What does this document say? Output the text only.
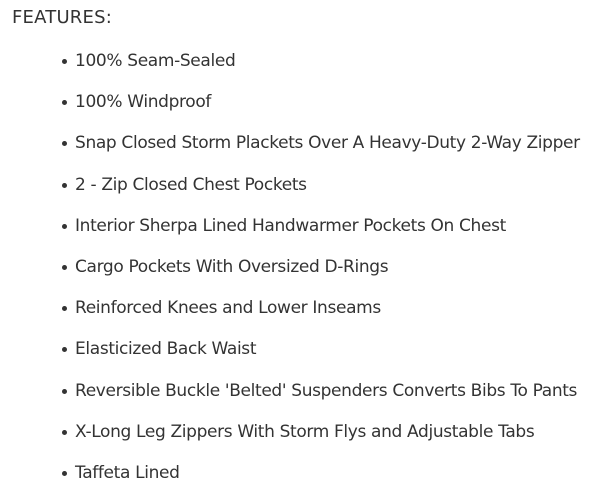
FEATURES:
100% Seam-Sealed
100% Windproof
Snap Closed Storm Plackets Over A Heavy-Duty 2-Way Zipper
2 - Zip Closed Chest Pockets
Interior Sherpa Lined Handwarmer Pockets On Chest
Cargo Pockets With Oversized D-Rings
Reinforced Knees and Lower Inseams
Elasticized Back Waist
Reversible Buckle 'Belted' Suspenders Converts Bibs To Pants
X-Long Leg Zippers With Storm Flys and Adjustable Tabs
Taffeta Lined
